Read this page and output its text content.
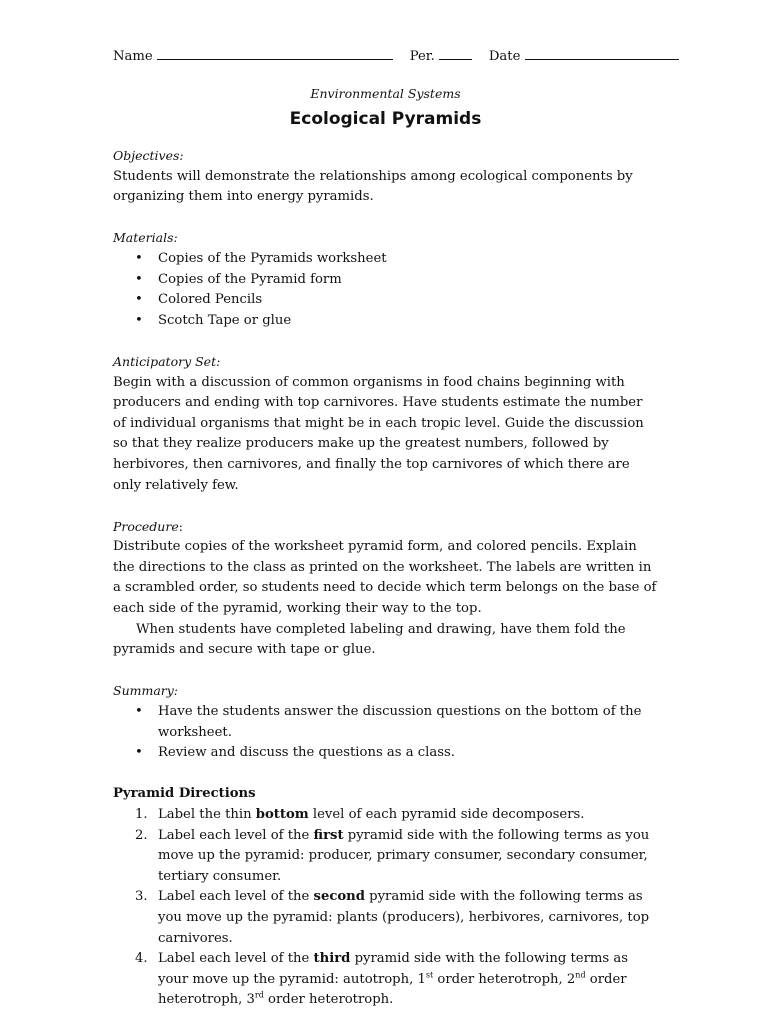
Name	Per.	Date
Environmental Systems
Ecological Pyramids
Objectives:
Students will demonstrate the relationships among ecological components by organizing them into energy pyramids.
Materials:
• Copies of the Pyramids worksheet
• Copies of the Pyramid form
• Colored Pencils
• Scotch Tape or glue
Anticipatory Set:
Begin with a discussion of common organisms in food chains beginning with producers and ending with top carnivores. Have students estimate the number of individual organisms that might be in each tropic level. Guide the discussion so that they realize producers make up the greatest numbers, followed by herbivores, then carnivores, and finally the top carnivores of which there are only relatively few.
Procedure:
Distribute copies of the worksheet pyramid form, and colored pencils. Explain the directions to the class as printed on the worksheet. The labels are written in a scrambled order, so students need to decide which term belongs on the base of each side of the pyramid, working their way to the top.
When students have completed labeling and drawing, have them fold the pyramids and secure with tape or glue.
Summary:
• Have the students answer the discussion questions on the bottom of the worksheet.
• Review and discuss the questions as a class.
Pyramid Directions
1. Label the thin bottom level of each pyramid side decomposers.
2. Label each level of the first pyramid side with the following terms as you move up the pyramid: producer, primary consumer, secondary consumer, tertiary consumer.
3. Label each level of the second pyramid side with the following terms as you move up the pyramid: plants (producers), herbivores, carnivores, top carnivores.
4. Label each level of the third pyramid side with the following terms as your move up the pyramid: autotroph, 1st order heterotroph, 2nd order heterotroph, 3rd order heterotroph.
